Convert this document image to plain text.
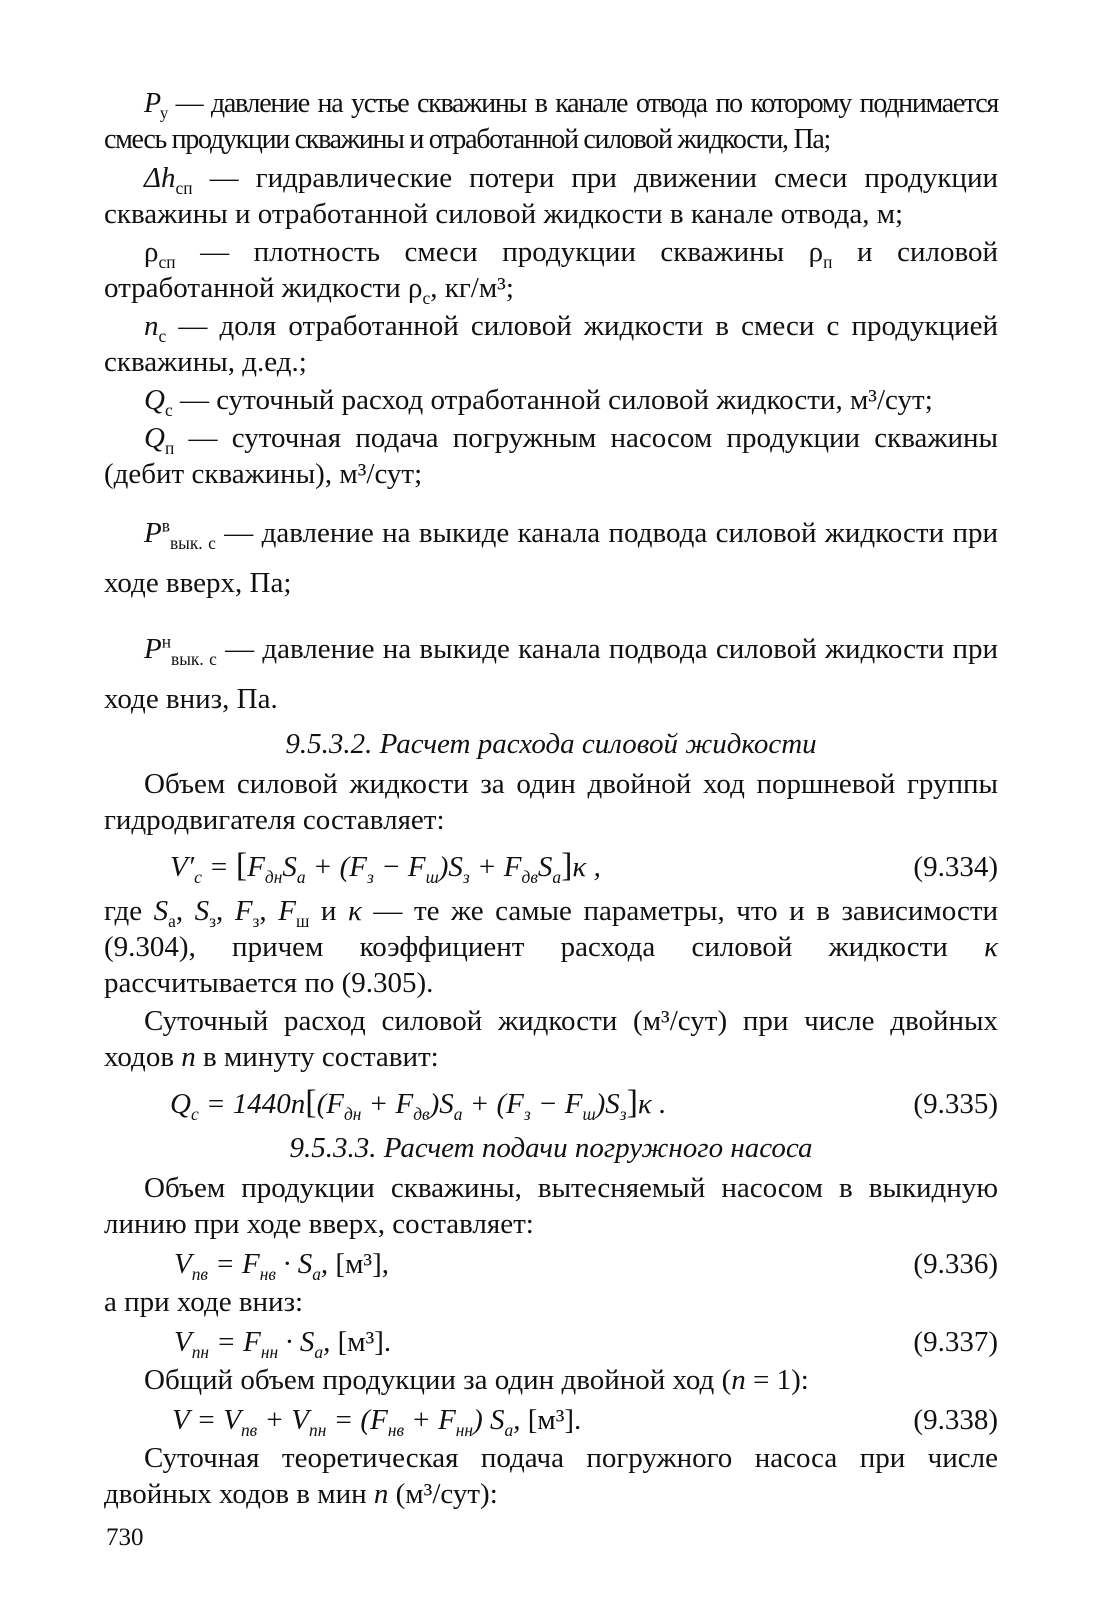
$P_у$ — давление на устье скважины в канале отвода по которому поднимается смесь продукции скважины и отработанной силовой жидкости, Па;

$\Delta h_{сп}$ — гидравлические потери при движении смеси продукции скважины и отработанной силовой жидкости в канале отвода, м;

$\rho_{сп}$ — плотность смеси продукции скважины $\rho_п$ и силовой отработанной жидкости $\rho_с$, кг/м³;

$n_с$ — доля отработанной силовой жидкости в смеси с продукцией скважины, д.ед.;

$Q_с$ — суточный расход отработанной силовой жидкости, м³/сут;

$Q_п$ — суточная подача погружным насосом продукции скважины (дебит скважины), м³/сут;

$P^в_{вык. с}$ — давление на выкиде канала подвода силовой жидкости при ходе вверх, Па;

$P^н_{вык. с}$ — давление на выкиде канала подвода силовой жидкости при ходе вниз, Па.

9.5.3.2. Расчет расхода силовой жидкости

Объем силовой жидкости за один двойной ход поршневой группы гидродвигателя составляет:

$V'_с = [F_{дн}S_а + (F_з - F_ш)S_з + F_{дв}S_а]\kappa$ ,	(9.334)

где $S_а$, $S_з$, $F_з$, $F_ш$ и κ — те же самые параметры, что и в зависимости (9.304), причем коэффициент расхода силовой жидкости κ рассчитывается по (9.305).

Суточный расход силовой жидкости (м³/сут) при числе двойных ходов n в минуту составит:

$Q_с = 1440n[(F_{дн} + F_{дв})S_а + (F_з - F_ш)S_з]\kappa$ .	(9.335)

9.5.3.3. Расчет подачи погружного насоса

Объем продукции скважины, вытесняемый насосом в выкидную линию при ходе вверх, составляет:

$V_{пв} = F_{нв} \cdot S_а$, [м³],	(9.336)

а при ходе вниз:

$V_{пн} = F_{нн} \cdot S_а$, [м³].	(9.337)

Общий объем продукции за один двойной ход (n = 1):

$V = V_{пв} + V_{пн} = (F_{нв} + F_{нн})$ $S_а$, [м³].	(9.338)

Суточная теоретическая подача погружного насоса при числе двойных ходов в мин n (м³/сут):

730
